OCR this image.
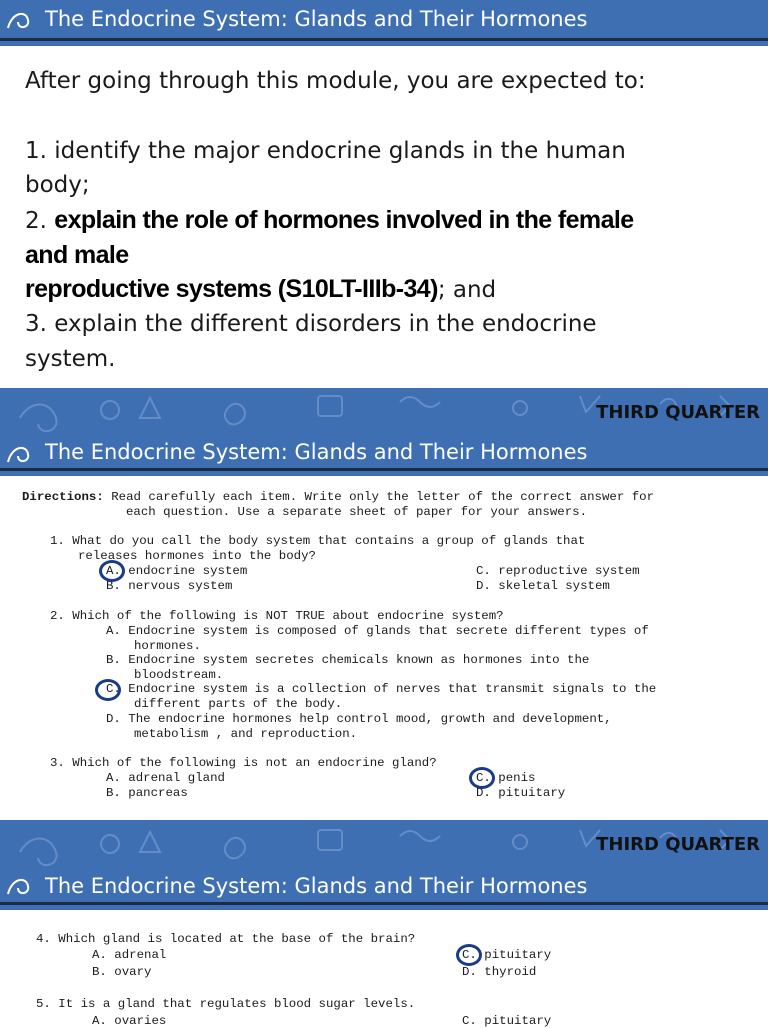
The Endocrine System: Glands and Their Hormones
After going through this module, you are expected to:
1. identify the major endocrine glands in the human
body;
2. explain the role of hormones involved in the female
and male
reproductive systems (S10LT-IIIb-34); and
3. explain the different disorders in the endocrine
system.
THIRD QUARTER
The Endocrine System: Glands and Their Hormones
Directions: Read carefully each item. Write only the letter of the correct answer for
each question. Use a separate sheet of paper for your answers.
1. What do you call the body system that contains a group of glands that
releases hormones into the body?
A. endocrine system
B. nervous system
C. reproductive system
D. skeletal system
2. Which of the following is NOT TRUE about endocrine system?
A. Endocrine system is composed of glands that secrete different types of
hormones.
B. Endocrine system secretes chemicals known as hormones into the
bloodstream.
C. Endocrine system is a collection of nerves that transmit signals to the
different parts of the body.
D. The endocrine hormones help control mood, growth and development,
metabolism , and reproduction.
3. Which of the following is not an endocrine gland?
A. adrenal gland
B. pancreas
C. penis
D. pituitary
THIRD QUARTER
The Endocrine System: Glands and Their Hormones
4. Which gland is located at the base of the brain?
A. adrenal
B. ovary
C. pituitary
D. thyroid
5. It is a gland that regulates blood sugar levels.
A. ovaries	C. pituitary
